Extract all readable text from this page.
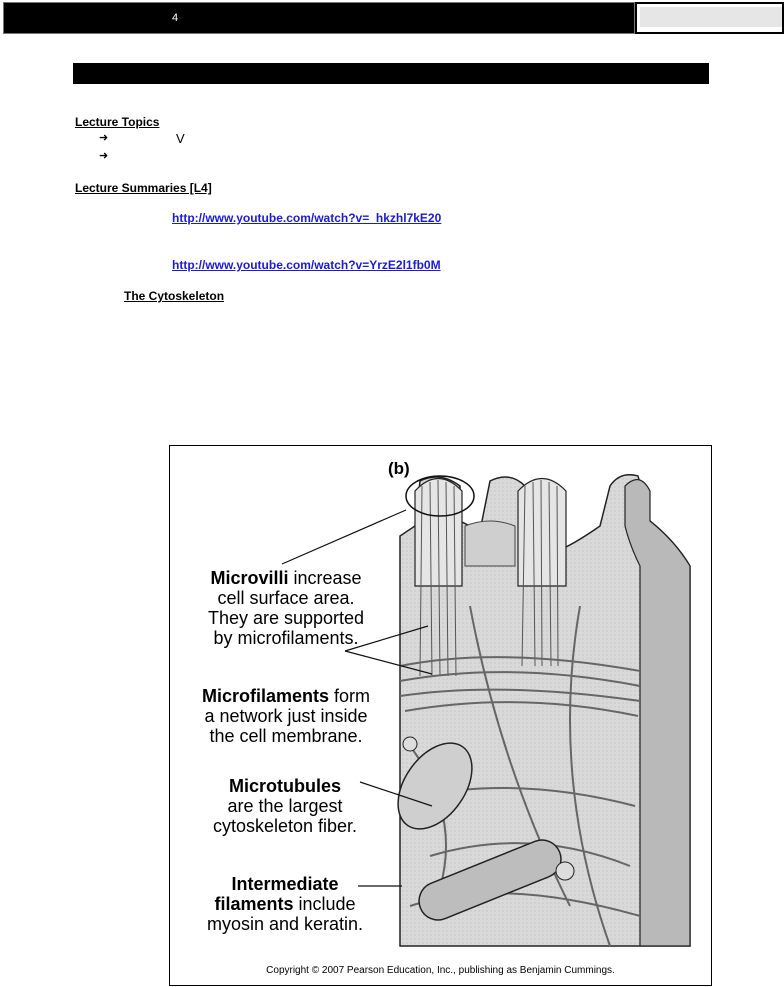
4
Lecture Topics
➜	V
➜
Lecture Summaries [L4]
http://www.youtube.com/watch?v=_hkzhl7kE20
http://www.youtube.com/watch?v=YrzE2l1fb0M
The Cytoskeleton
(b)
Microvilli increase
cell surface area.
They are supported
by microfilaments.
Microfilaments form
a network just inside
the cell membrane.
Microtubules
are the largest
cytoskeleton fiber.
Intermediate
filaments include
myosin and keratin.
Copyright © 2007 Pearson Education, Inc., publishing as Benjamin Cummings.
